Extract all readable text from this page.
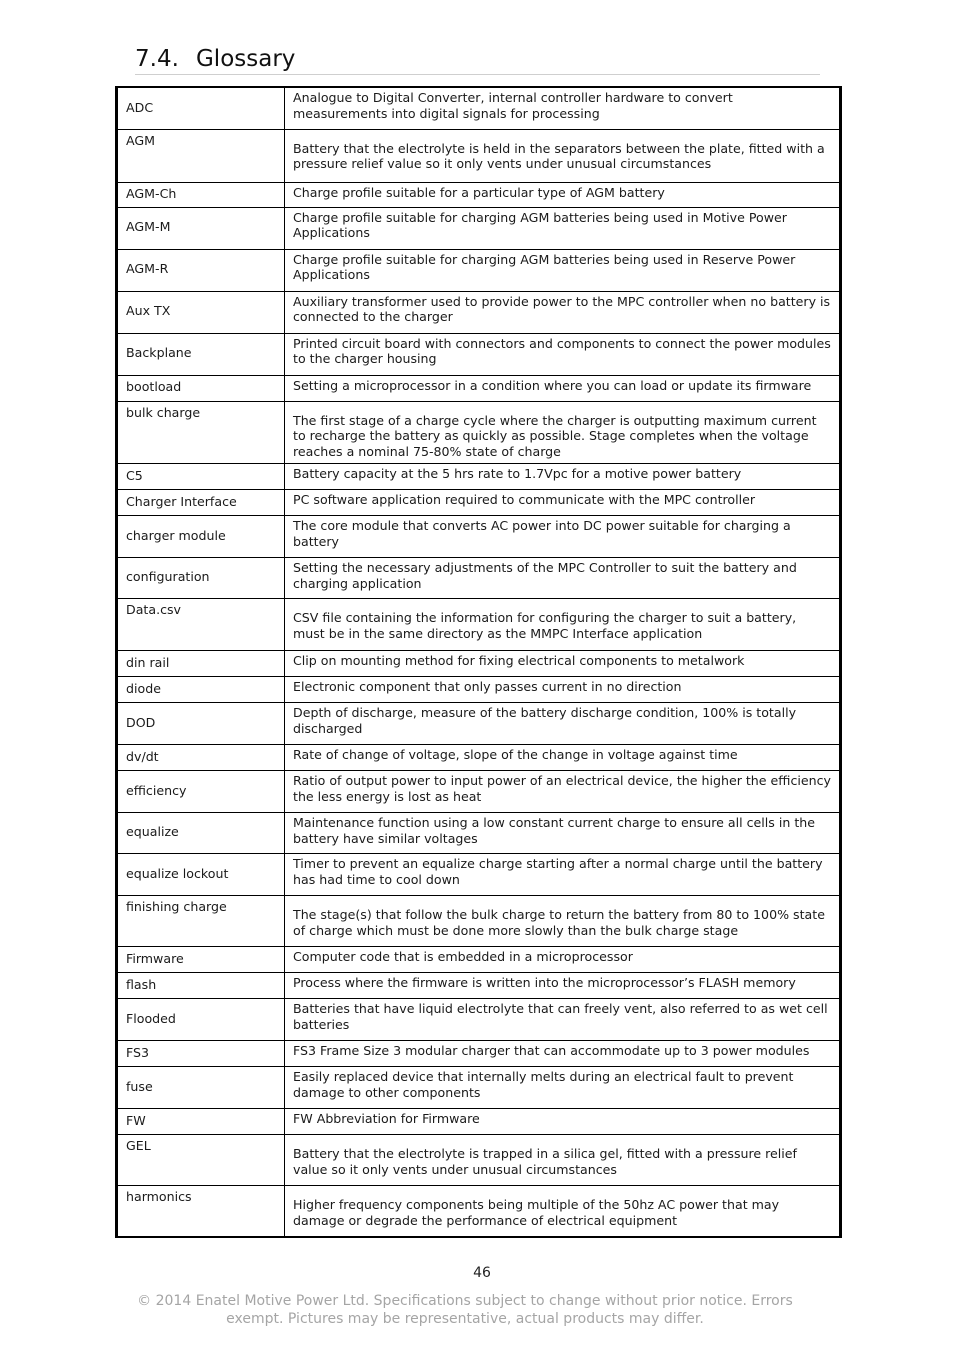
7.4. Glossary
ADC	Analogue to Digital Converter, internal controller hardware to convert measurements into digital signals for processing
AGM	Battery that the electrolyte is held in the separators between the plate, fitted with a pressure relief value so it only vents under unusual circumstances
AGM-Ch	Charge profile suitable for a particular type of AGM battery
AGM-M	Charge profile suitable for charging AGM batteries being used in Motive Power Applications
AGM-R	Charge profile suitable for charging AGM batteries being used in Reserve Power Applications
Aux TX	Auxiliary transformer used to provide power to the MPC controller when no battery is connected to the charger
Backplane	Printed circuit board with connectors and components to connect the power modules to the charger housing
bootload	Setting a microprocessor in a condition where you can load or update its firmware
bulk charge	The first stage of a charge cycle where the charger is outputting maximum current to recharge the battery as quickly as possible. Stage completes when the voltage reaches a nominal 75-80% state of charge
C5	Battery capacity at the 5 hrs rate to 1.7Vpc for a motive power battery
Charger Interface	PC software application required to communicate with the MPC controller
charger module	The core module that converts AC power into DC power suitable for charging a battery
configuration	Setting the necessary adjustments of the MPC Controller to suit the battery and charging application
Data.csv	CSV file containing the information for configuring the charger to suit a battery, must be in the same directory as the MMPC Interface application
din rail	Clip on mounting method for fixing electrical components to metalwork
diode	Electronic component that only passes current in no direction
DOD	Depth of discharge, measure of the battery discharge condition, 100% is totally discharged
dv/dt	Rate of change of voltage, slope of the change in voltage against time
efficiency	Ratio of output power to input power of an electrical device, the higher the efficiency the less energy is lost as heat
equalize	Maintenance function using a low constant current charge to ensure all cells in the battery have similar voltages
equalize lockout	Timer to prevent an equalize charge starting after a normal charge until the battery has had time to cool down
finishing charge	The stage(s) that follow the bulk charge to return the battery from 80 to 100% state of charge which must be done more slowly than the bulk charge stage
Firmware	Computer code that is embedded in a microprocessor
flash	Process where the firmware is written into the microprocessor’s FLASH memory
Flooded	Batteries that have liquid electrolyte that can freely vent, also referred to as wet cell batteries
FS3	FS3 Frame Size 3 modular charger that can accommodate up to 3 power modules
fuse	Easily replaced device that internally melts during an electrical fault to prevent damage to other components
FW	FW Abbreviation for Firmware
GEL	Battery that the electrolyte is trapped in a silica gel, fitted with a pressure relief value so it only vents under unusual circumstances
harmonics	Higher frequency components being multiple of the 50hz AC power that may damage or degrade the performance of electrical equipment
46
© 2014 Enatel Motive Power Ltd. Specifications subject to change without prior notice. Errors
exempt. Pictures may be representative, actual products may differ.
